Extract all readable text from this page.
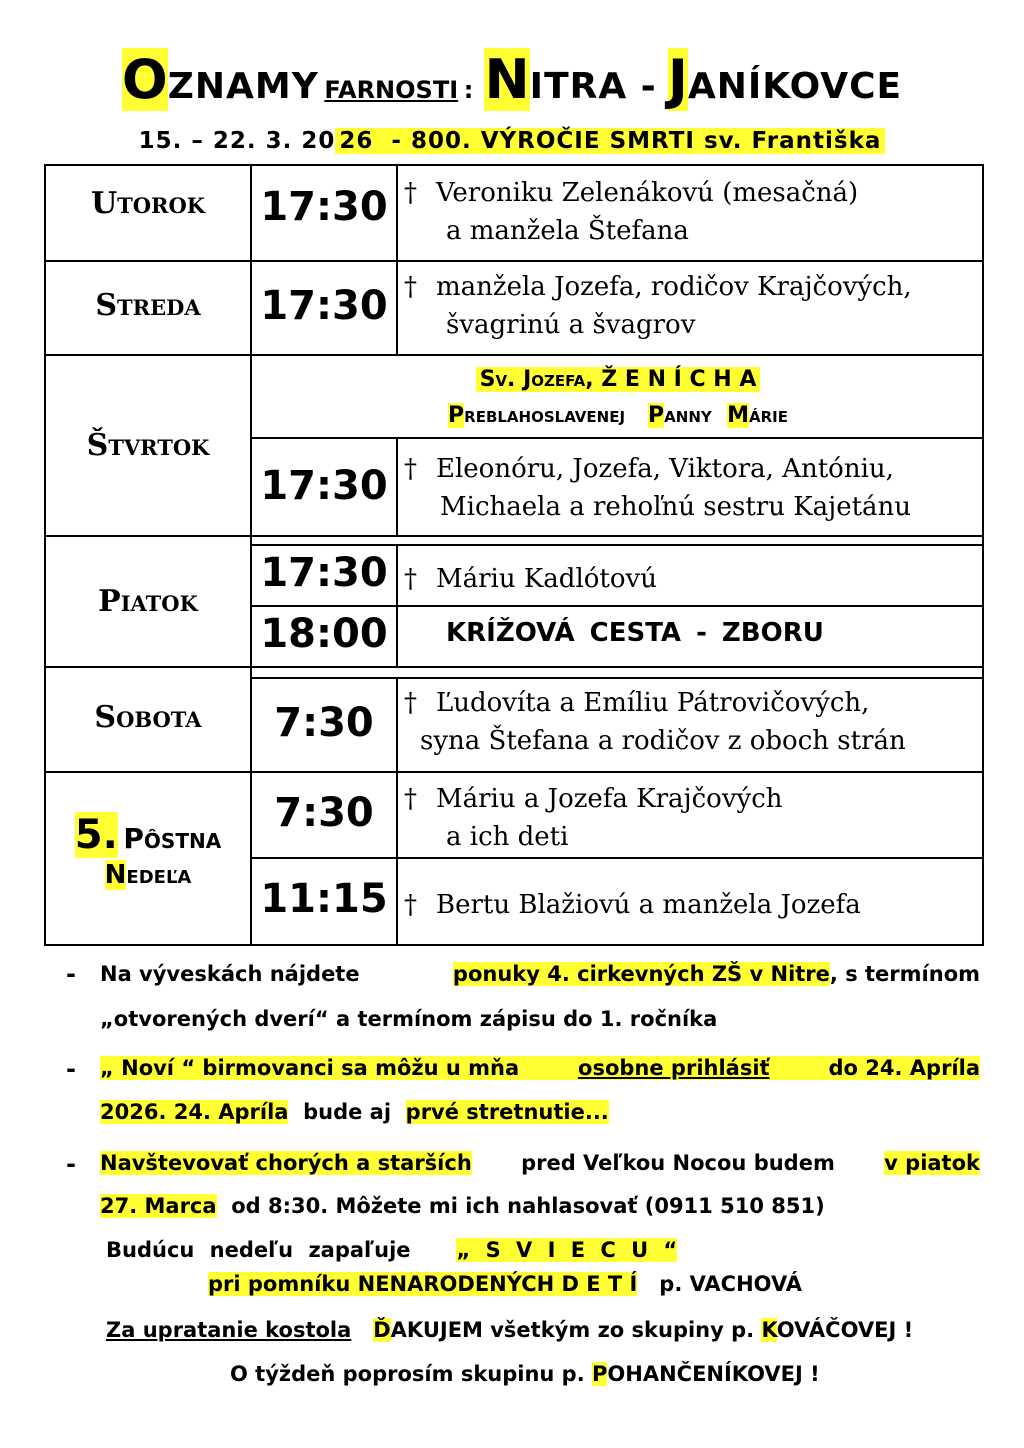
OZNAMY FARNOSTI : NITRA - JANÍKOVCE
15. – 22. 3. 20 26 - 800. VÝROČIE SMRTI sv. Františka
Utorok	17:30 † Veroniku Zelenákovú (mesačná)
a manžela Štefana
Streda	17:30 † manžela Jozefa, rodičov Krajčových,
švagrinú a švagrov
Štvrtok
Sv. Jozefa, Ž E N Í C H A
Preblahoslavenej Panny Márie
17:30 † Eleonóru, Jozefa, Viktora, Antóniu,
Michaela a rehoľnú sestru Kajetánu
Piatok
17:30 † Máriu Kadlótovú
18:00	KRÍŽOVÁ CESTA - ZBORU
Sobota	7:30	† Ľudovíta a Emíliu Pátrovičových,
syna Štefana a rodičov z oboch strán
5. Pôstna
Nedeľa
7:30	† Máriu a Jozefa Krajčových
a ich deti
11:15 † Bertu Blažiovú a manžela Jozefa
- Na výveskách nájdete	ponuky 4. cirkevných ZŠ v Nitre, s termínom
„otvorených dverí“ a termínom zápisu do 1. ročníka
- „ Noví “ birmovanci sa môžu u mňa	osobne prihlásiť	do 24. Apríla
2026. 24. Apríla bude aj prvé stretnutie...
- Navštevovať chorých a starších pred Veľkou Nocou budem v piatok
27. Marca od 8:30. Môžete mi ich nahlasovať (0911 510 851)
Budúcu nedeľu zapaľuje „ S V I E C U “
pri pomníku NENARODENÝCH D E T Í p. VACHOVÁ
Za upratanie kostola ĎAKUJEM všetkým zo skupiny p. KOVÁČOVEJ !
O týždeň poprosím skupinu p. POHANČENÍKOVEJ !
